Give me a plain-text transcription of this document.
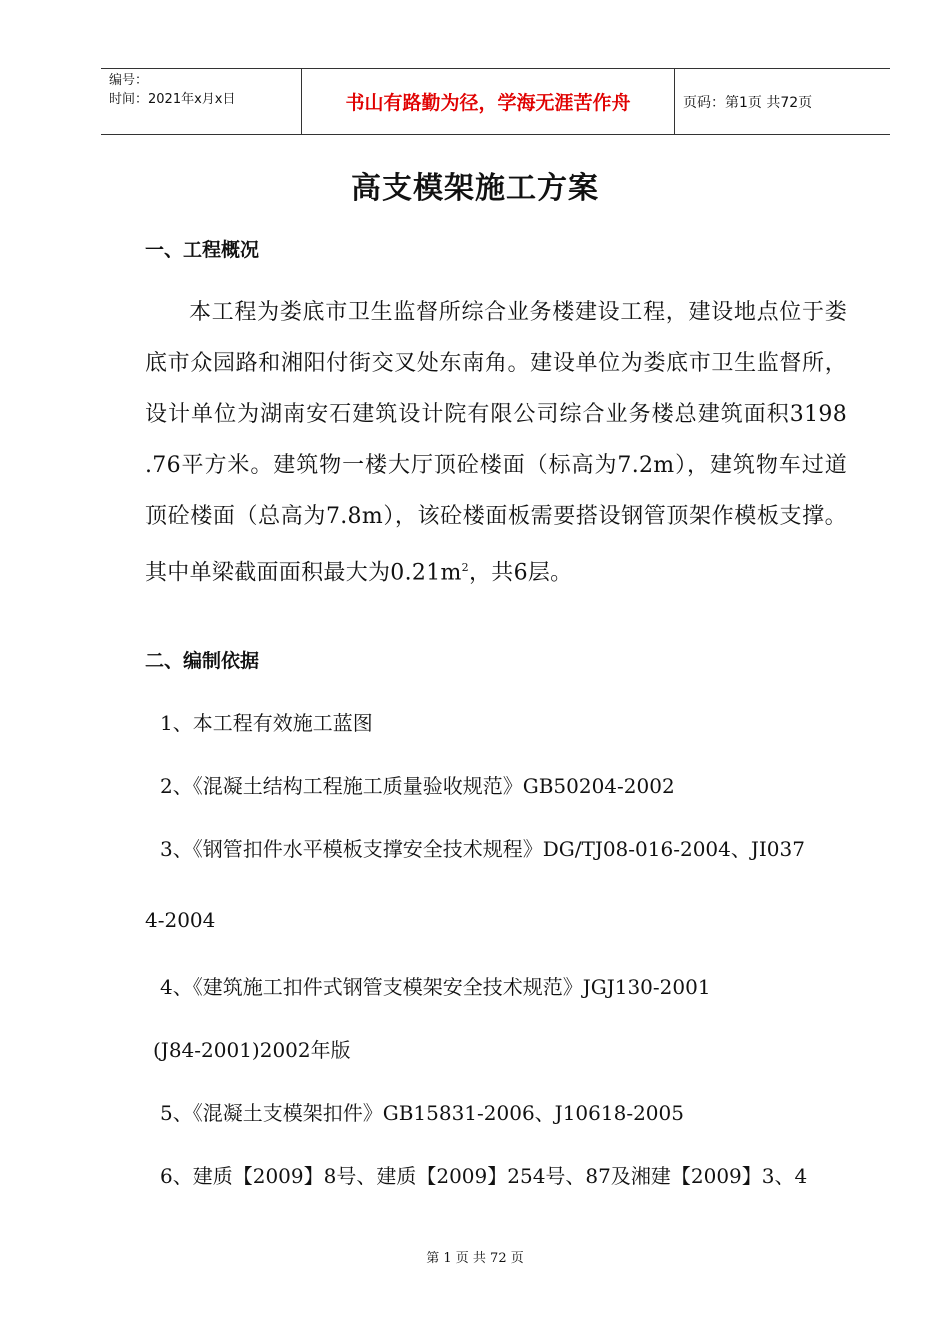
编号：
时间：2021年x月x日	书山有路勤为径，学海无涯苦作舟	页码：第1页 共72页
高支模架施工方案
一、工程概况

本工程为娄底市卫生监督所综合业务楼建设工程，建设地点位于娄底市众园路和湘阳付街交叉处东南角。建设单位为娄底市卫生监督所，设计单位为湖南安石建筑设计院有限公司综合业务楼总建筑面积3198 .76平方米。建筑物一楼大厅顶砼楼面（标高为7.2m），建筑物车过道顶砼楼面（总高为7.8m），该砼楼面板需要搭设钢管顶架作模板支撑。其中单梁截面面积最大为$0.21m^2$，共6层。

二、编制依据
1、本工程有效施工蓝图
2、《混凝土结构工程施工质量验收规范》GB50204-2002
3、《钢管扣件水平模板支撑安全技术规程》DG/TJ08-016-2004、JI037
4-2004
4、《建筑施工扣件式钢管支模架安全技术规范》JGJ130-2001
(J84-2001)2002年版
5、《混凝土支模架扣件》GB15831-2006、J10618-2005
6、建质【2009】8号、建质【2009】254号、87及湘建【2009】3、4
第 1 页 共 72 页
